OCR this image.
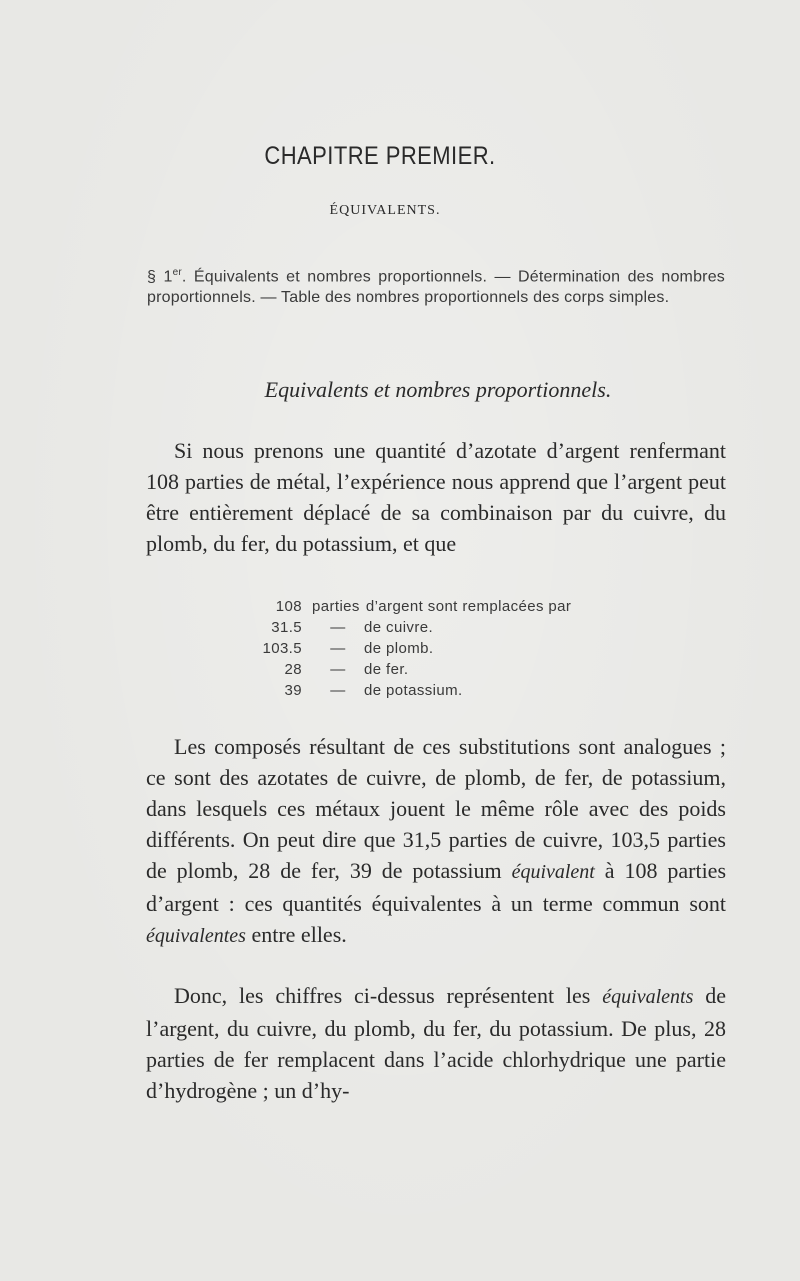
CHAPITRE PREMIER.
ÉQUIVALENTS.
§ 1er. Équivalents et nombres proportionnels. — Détermination des nombres proportionnels. — Table des nombres proportionnels des corps simples.
Equivalents et nombres proportionnels.
Si nous prenons une quantité d’azotate d’argent renfermant 108 parties de métal, l’expérience nous apprend que l’argent peut être entièrement déplacé de sa combinaison par du cuivre, du plomb, du fer, du potassium, et que
108 parties d’argent sont remplacées par
31.5	—	de cuivre.
103.5	—	de plomb.
28	—	de fer.
39	—	de potassium.
Les composés résultant de ces substitutions sont analogues ; ce sont des azotates de cuivre, de plomb, de fer, de potassium, dans lesquels ces métaux jouent le même rôle avec des poids différents. On peut dire que 31,5 parties de cuivre, 103,5 parties de plomb, 28 de fer, 39 de potassium équivalent à 108 parties d’argent : ces quantités équivalentes à un terme commun sont équivalentes entre elles.
Donc, les chiffres ci-dessus représentent les équivalents de l’argent, du cuivre, du plomb, du fer, du potassium. De plus, 28 parties de fer remplacent dans l’acide chlorhydrique une partie d’hydrogène ; un d’hy-
